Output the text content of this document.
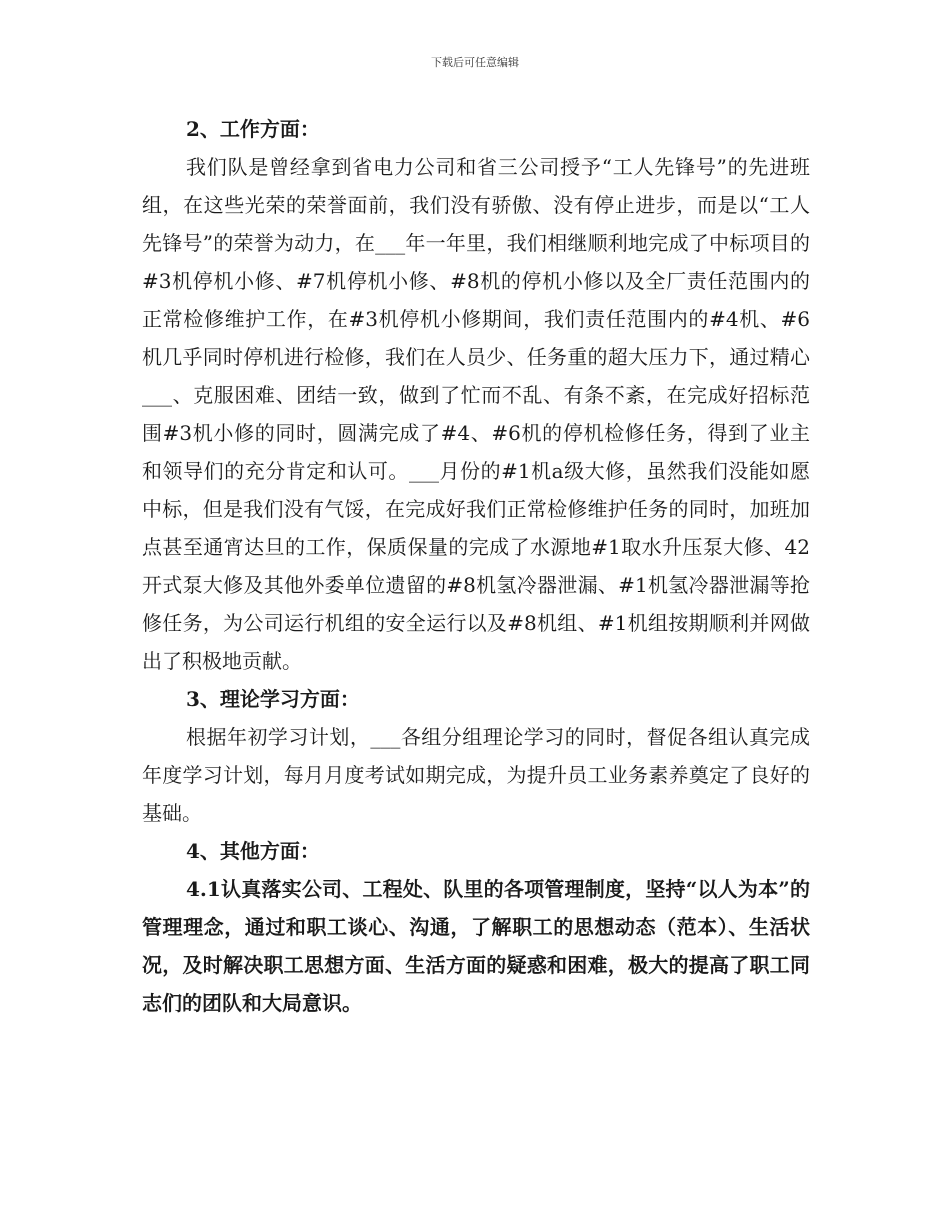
下载后可任意编辑

2、工作方面：

我们队是曾经拿到省电力公司和省三公司授予“工人先锋号”的先进班组，在这些光荣的荣誉面前，我们没有骄傲、没有停止进步，而是以“工人先锋号”的荣誉为动力，在___年一年里，我们相继顺利地完成了中标项目的#3机停机小修、#7机停机小修、#8机的停机小修以及全厂责任范围内的正常检修维护工作，在#3机停机小修期间，我们责任范围内的#4机、#6机几乎同时停机进行检修，我们在人员少、任务重的超大压力下，通过精心___、克服困难、团结一致，做到了忙而不乱、有条不紊，在完成好招标范围#3机小修的同时，圆满完成了#4、#6机的停机检修任务，得到了业主和领导们的充分肯定和认可。___月份的#1机a级大修，虽然我们没能如愿中标，但是我们没有气馁，在完成好我们正常检修维护任务的同时，加班加点甚至通宵达旦的工作，保质保量的完成了水源地#1取水升压泵大修、42开式泵大修及其他外委单位遗留的#8机氢冷器泄漏、#1机氢冷器泄漏等抢修任务，为公司运行机组的安全运行以及#8机组、#1机组按期顺利并网做出了积极地贡献。

3、理论学习方面：

根据年初学习计划，___各组分组理论学习的同时，督促各组认真完成年度学习计划，每月月度考试如期完成，为提升员工业务素养奠定了良好的基础。

4、其他方面：

4.1认真落实公司、工程处、队里的各项管理制度，坚持“以人为本”的管理理念，通过和职工谈心、沟通，了解职工的思想动态（范本）、生活状况，及时解决职工思想方面、生活方面的疑惑和困难，极大的提高了职工同志们的团队和大局意识。
